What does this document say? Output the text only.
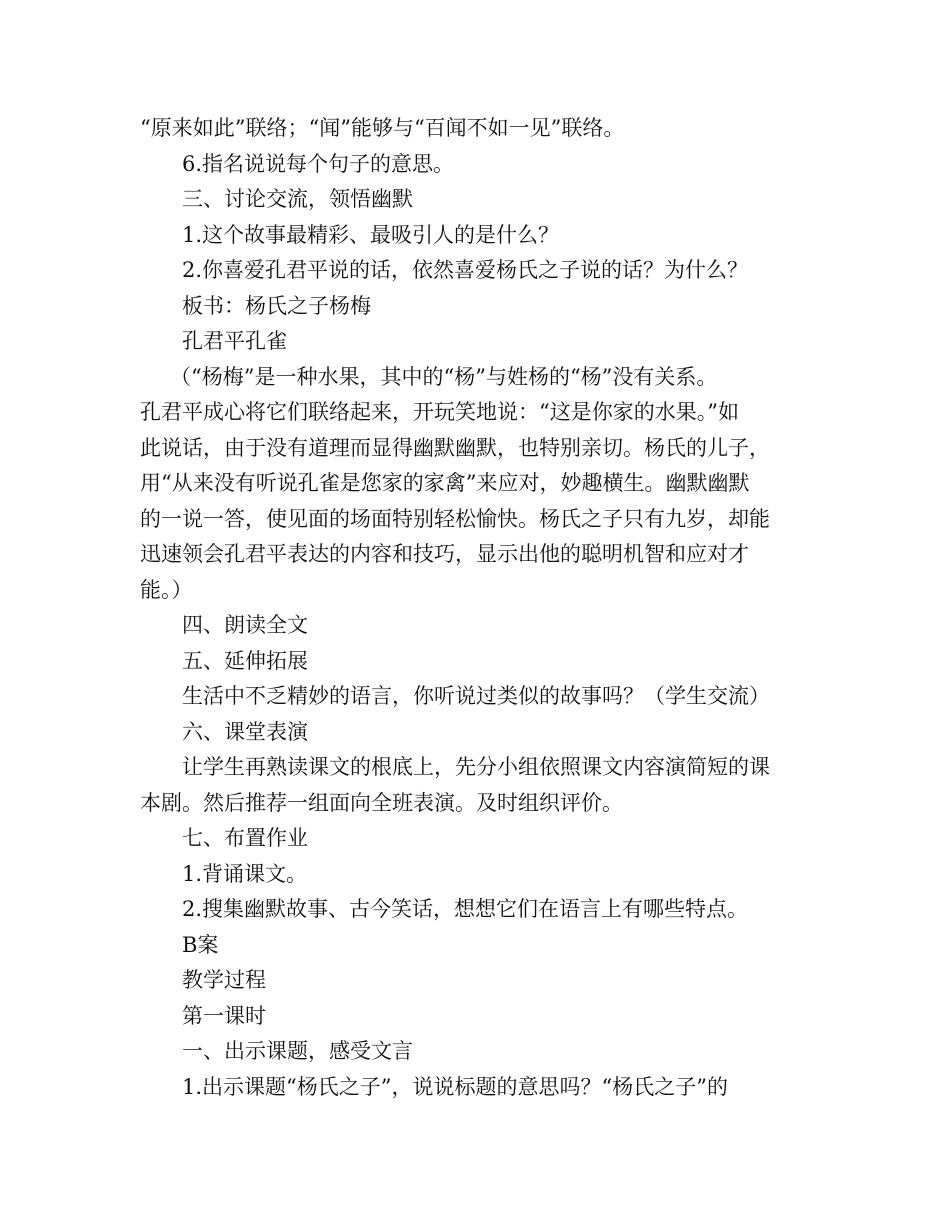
“原来如此”联络；“闻”能够与“百闻不如一见”联络。

6.指名说说每个句子的意思。

三、讨论交流，领悟幽默

1.这个故事最精彩、最吸引人的是什么？

2.你喜爱孔君平说的话，依然喜爱杨氏之子说的话？为什么？

板书：杨氏之子杨梅

孔君平孔雀

（“杨梅”是一种水果，其中的“杨”与姓杨的“杨”没有关系。

孔君平成心将它们联络起来，开玩笑地说：“这是你家的水果。”如

此说话，由于没有道理而显得幽默幽默，也特别亲切。杨氏的儿子，

用“从来没有听说孔雀是您家的家禽”来应对，妙趣横生。幽默幽默

的一说一答，使见面的场面特别轻松愉快。杨氏之子只有九岁，却能

迅速领会孔君平表达的内容和技巧，显示出他的聪明机智和应对才

能。）

四、朗读全文

五、延伸拓展

生活中不乏精妙的语言，你听说过类似的故事吗？（学生交流）

六、课堂表演

让学生再熟读课文的根底上，先分小组依照课文内容演简短的课

本剧。然后推荐一组面向全班表演。及时组织评价。

七、布置作业

1.背诵课文。

2.搜集幽默故事、古今笑话，想想它们在语言上有哪些特点。

B案

教学过程

第一课时

一、出示课题，感受文言

1.出示课题“杨氏之子”，说说标题的意思吗？“杨氏之子”的
